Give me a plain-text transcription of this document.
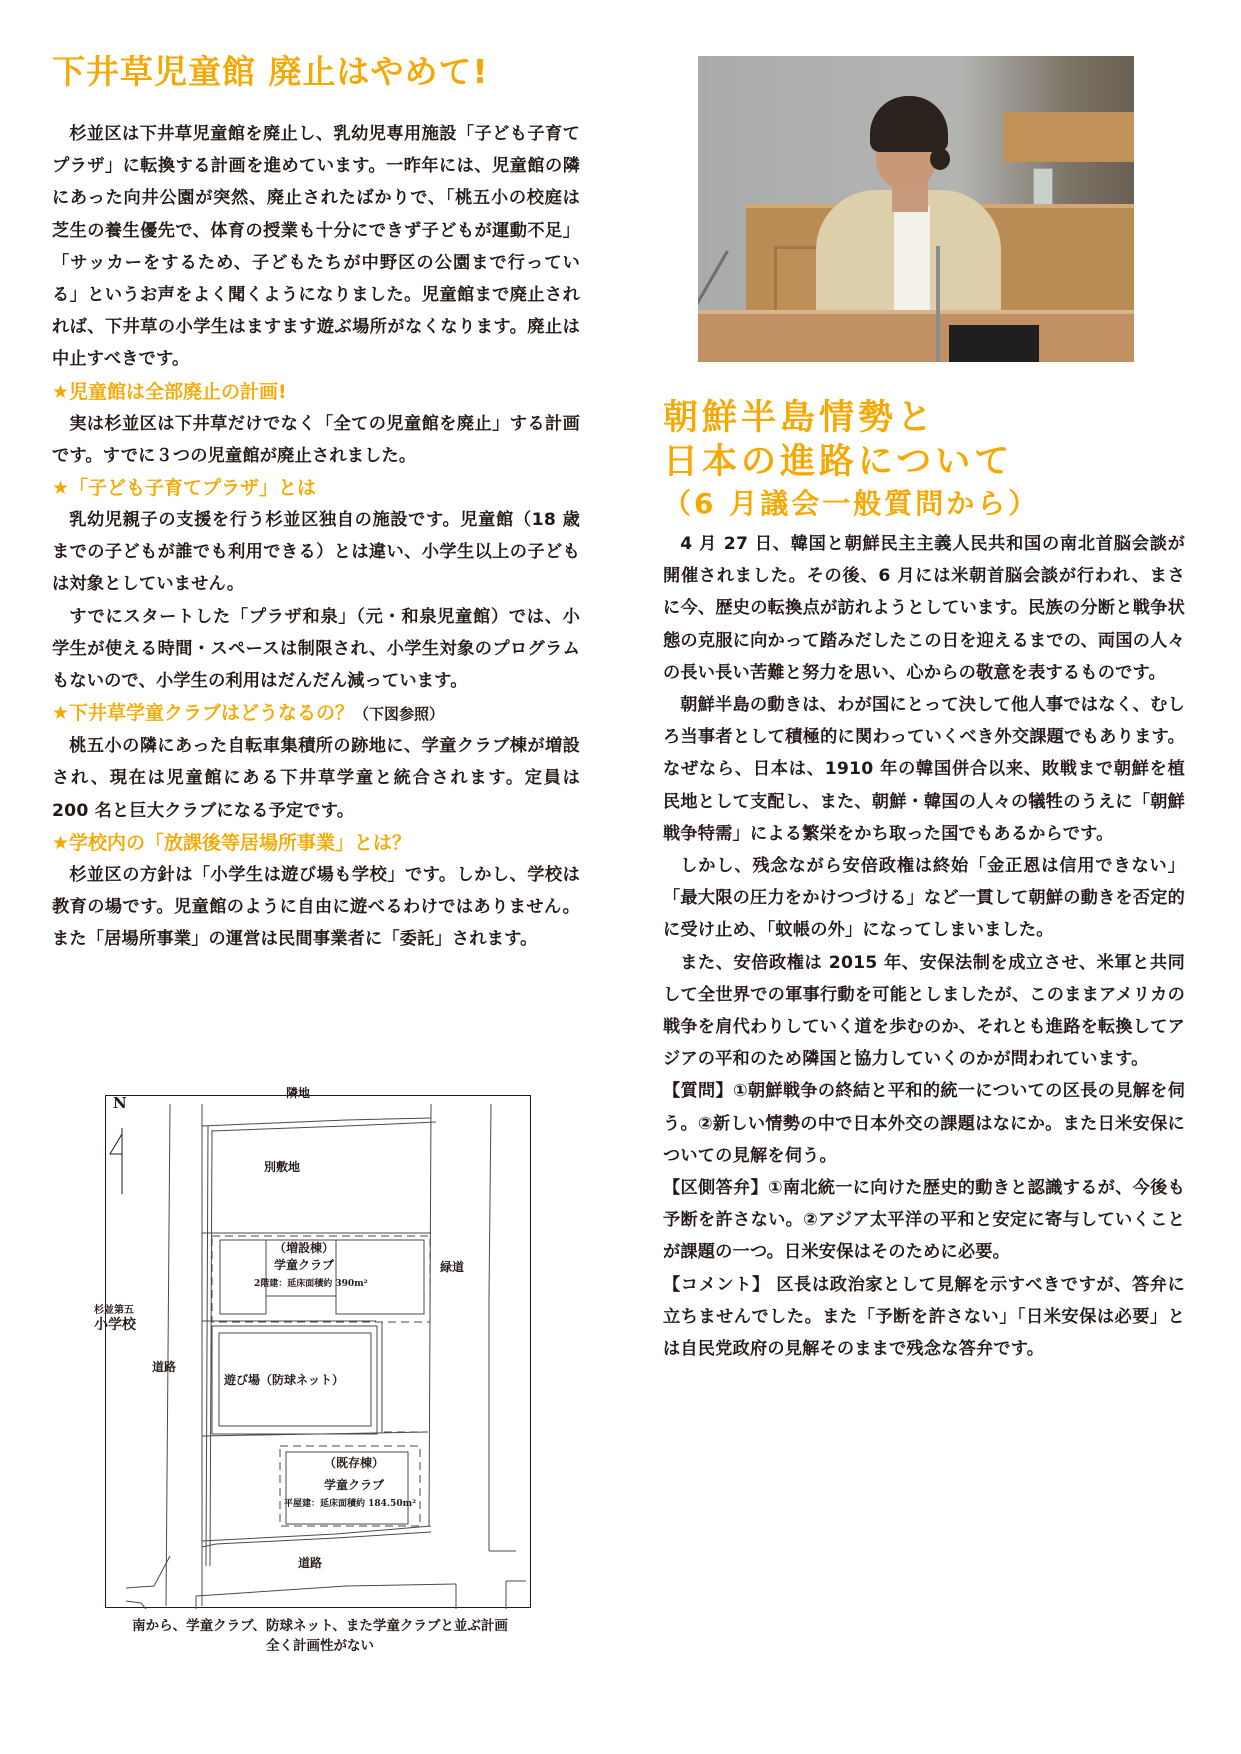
下井草児童館 廃止はやめて!

杉並区は下井草児童館を廃止し、乳幼児専用施設「子ども子育てプラザ」に転換する計画を進めています。一昨年には、児童館の隣にあった向井公園が突然、廃止されたばかりで、「桃五小の校庭は芝生の養生優先で、体育の授業も十分にできず子どもが運動不足」「サッカーをするため、子どもたちが中野区の公園まで行っている」というお声をよく聞くようになりました。児童館まで廃止されれば、下井草の小学生はますます遊ぶ場所がなくなります。廃止は中止すべきです。

★児童館は全部廃止の計画!

実は杉並区は下井草だけでなく「全ての児童館を廃止」する計画です。すでに３つの児童館が廃止されました。

★「子ども子育てプラザ」とは

乳幼児親子の支援を行う杉並区独自の施設です。児童館（18 歳までの子どもが誰でも利用できる）とは違い、小学生以上の子どもは対象としていません。

すでにスタートした「プラザ和泉」（元・和泉児童館）では、小学生が使える時間・スペースは制限され、小学生対象のプログラムもないので、小学生の利用はだんだん減っています。

★下井草学童クラブはどうなるの？（下図参照）

桃五小の隣にあった自転車集積所の跡地に、学童クラブ棟が増設され、現在は児童館にある下井草学童と統合されます。定員は 200 名と巨大クラブになる予定です。

★学校内の「放課後等居場所事業」とは？

杉並区の方針は「小学生は遊び場も学校」です。しかし、学校は教育の場です。児童館のように自由に遊べるわけではありません。また「居場所事業」の運営は民間事業者に「委託」されます。

N
隣地
別敷地
（増設棟）
学童クラブ
2階建：延床面積約 390m²
緑道
杉並第五
小学校
道路
遊び場（防球ネット）
（既存棟）
学童クラブ
平屋建：延床面積約 184.50m²
道路
南から、学童クラブ、防球ネット、また学童クラブと並ぶ計画
全く計画性がない
朝鮮半島情勢と
日本の進路について
（6 月議会一般質問から）

4 月 27 日、韓国と朝鮮民主主義人民共和国の南北首脳会談が開催されました。その後、6 月には米朝首脳会談が行われ、まさに今、歴史の転換点が訪れようとしています。民族の分断と戦争状態の克服に向かって踏みだしたこの日を迎えるまでの、両国の人々の長い長い苦難と努力を思い、心からの敬意を表するものです。

朝鮮半島の動きは、わが国にとって決して他人事ではなく、むしろ当事者として積極的に関わっていくべき外交課題でもあります。なぜなら、日本は、1910 年の韓国併合以来、敗戦まで朝鮮を植民地として支配し、また、朝鮮・韓国の人々の犠牲のうえに「朝鮮戦争特需」による繁栄をかち取った国でもあるからです。

しかし、残念ながら安倍政権は終始「金正恩は信用できない」「最大限の圧力をかけつづける」など一貫して朝鮮の動きを否定的に受け止め、「蚊帳の外」になってしまいました。

また、安倍政権は 2015 年、安保法制を成立させ、米軍と共同して全世界での軍事行動を可能としましたが、このままアメリカの戦争を肩代わりしていく道を歩むのか、それとも進路を転換してアジアの平和のため隣国と協力していくのかが問われています。

【質問】①朝鮮戦争の終結と平和的統一についての区長の見解を伺う。②新しい情勢の中で日本外交の課題はなにか。また日米安保についての見解を伺う。

【区側答弁】①南北統一に向けた歴史的動きと認識するが、今後も予断を許さない。②アジア太平洋の平和と安定に寄与していくことが課題の一つ。日米安保はそのために必要。

【コメント】 区長は政治家として見解を示すべきですが、答弁に立ちませんでした。また「予断を許さない」「日米安保は必要」とは自民党政府の見解そのままで残念な答弁です。
